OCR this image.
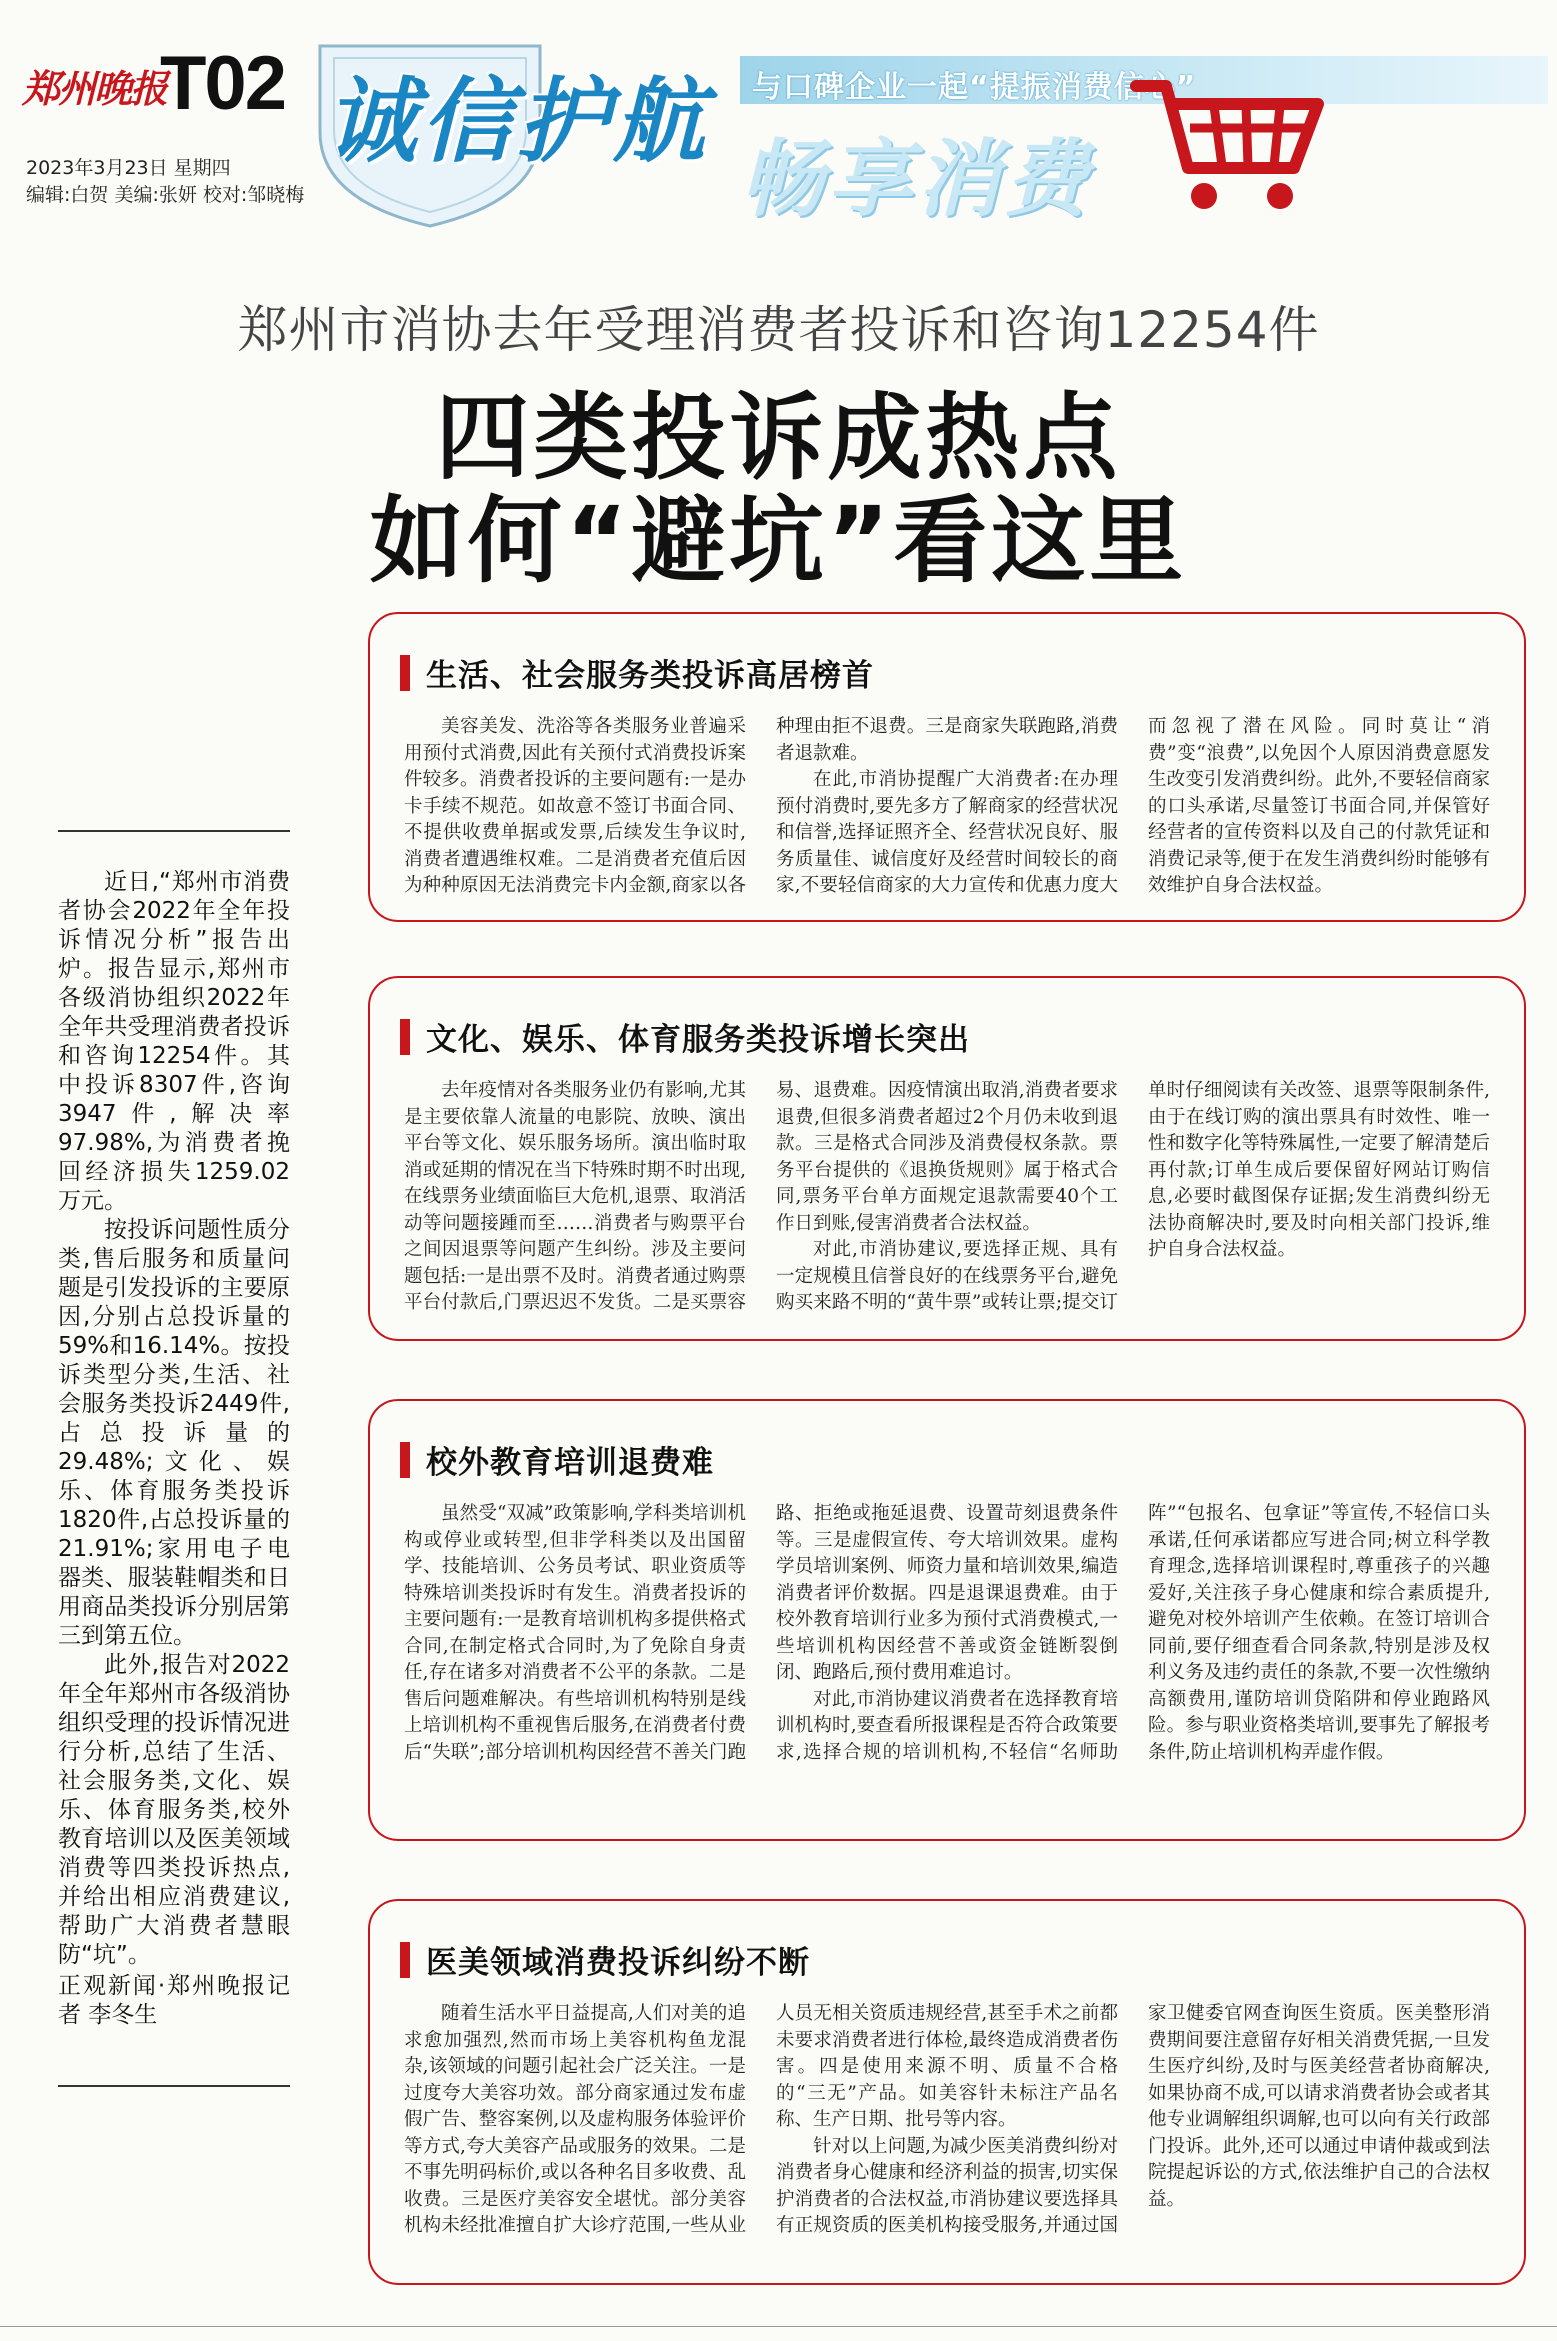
郑州晚报
T02
2023年3月23日 星期四
编辑:白贺 美编:张妍 校对:邹晓梅
诚信护航 与口碑企业一起“提振消费信心”
畅享消费
郑州市消协去年受理消费者投诉和咨询12254件
四类投诉成热点
如何“避坑”看这里

近日,“郑州市消费者协会2022年全年投诉情况分析”报告出炉。报告显示,郑州市各级消协组织2022年全年共受理消费者投诉和咨询12254件。其中投诉8307件,咨询3947件,解决率97.98%,为消费者挽回经济损失1259.02万元。

按投诉问题性质分类,售后服务和质量问题是引发投诉的主要原因,分别占总投诉量的59%和16.14%。按投诉类型分类,生活、社会服务类投诉2449件,占总投诉量的29.48%;文化、娱乐、体育服务类投诉1820件,占总投诉量的21.91%;家用电子电器类、服装鞋帽类和日用商品类投诉分别居第三到第五位。

此外,报告对2022年全年郑州市各级消协组织受理的投诉情况进行分析,总结了生活、社会服务类,文化、娱乐、体育服务类,校外教育培训以及医美领域消费等四类投诉热点,并给出相应消费建议,帮助广大消费者慧眼防“坑”。

正观新闻·郑州晚报记者 李冬生

生活、社会服务类投诉高居榜首

美容美发、洗浴等各类服务业普遍采用预付式消费,因此有关预付式消费投诉案件较多。消费者投诉的主要问题有:一是办卡手续不规范。如故意不签订书面合同、不提供收费单据或发票,后续发生争议时,消费者遭遇维权难。二是消费者充值后因为种种原因无法消费完卡内金额,商家以各种理由拒不退费。三是商家失联跑路,消费者退款难。

在此,市消协提醒广大消费者:在办理预付消费时,要先多方了解商家的经营状况和信誉,选择证照齐全、经营状况良好、服务质量佳、诚信度好及经营时间较长的商家,不要轻信商家的大力宣传和优惠力度大而忽视了潜在风险。同时莫让“消费”变“浪费”,以免因个人原因消费意愿发生改变引发消费纠纷。此外,不要轻信商家的口头承诺,尽量签订书面合同,并保管好经营者的宣传资料以及自己的付款凭证和消费记录等,便于在发生消费纠纷时能够有效维护自身合法权益。

文化、娱乐、体育服务类投诉增长突出

去年疫情对各类服务业仍有影响,尤其是主要依靠人流量的电影院、放映、演出平台等文化、娱乐服务场所。演出临时取消或延期的情况在当下特殊时期不时出现,在线票务业绩面临巨大危机,退票、取消活动等问题接踵而至……消费者与购票平台之间因退票等问题产生纠纷。涉及主要问题包括:一是出票不及时。消费者通过购票平台付款后,门票迟迟不发货。二是买票容易、退费难。因疫情演出取消,消费者要求退费,但很多消费者超过2个月仍未收到退款。三是格式合同涉及消费侵权条款。票务平台提供的《退换货规则》属于格式合同,票务平台单方面规定退款需要40个工作日到账,侵害消费者合法权益。

对此,市消协建议,要选择正规、具有一定规模且信誉良好的在线票务平台,避免购买来路不明的“黄牛票”或转让票;提交订单时仔细阅读有关改签、退票等限制条件,由于在线订购的演出票具有时效性、唯一性和数字化等特殊属性,一定要了解清楚后再付款;订单生成后要保留好网站订购信息,必要时截图保存证据;发生消费纠纷无法协商解决时,要及时向相关部门投诉,维护自身合法权益。

校外教育培训退费难

虽然受“双减”政策影响,学科类培训机构或停业或转型,但非学科类以及出国留学、技能培训、公务员考试、职业资质等特殊培训类投诉时有发生。消费者投诉的主要问题有:一是教育培训机构多提供格式合同,在制定格式合同时,为了免除自身责任,存在诸多对消费者不公平的条款。二是售后问题难解决。有些培训机构特别是线上培训机构不重视售后服务,在消费者付费后“失联”;部分培训机构因经营不善关门跑路、拒绝或拖延退费、设置苛刻退费条件等。三是虚假宣传、夸大培训效果。虚构学员培训案例、师资力量和培训效果,编造消费者评价数据。四是退课退费难。由于校外教育培训行业多为预付式消费模式,一些培训机构因经营不善或资金链断裂倒闭、跑路后,预付费用难追讨。

对此,市消协建议消费者在选择教育培训机构时,要查看所报课程是否符合政策要求,选择合规的培训机构,不轻信“名师助阵”“包报名、包拿证”等宣传,不轻信口头承诺,任何承诺都应写进合同;树立科学教育理念,选择培训课程时,尊重孩子的兴趣爱好,关注孩子身心健康和综合素质提升,避免对校外培训产生依赖。在签订培训合同前,要仔细查看合同条款,特别是涉及权利义务及违约责任的条款,不要一次性缴纳高额费用,谨防培训贷陷阱和停业跑路风险。参与职业资格类培训,要事先了解报考条件,防止培训机构弄虚作假。

医美领域消费投诉纠纷不断

随着生活水平日益提高,人们对美的追求愈加强烈,然而市场上美容机构鱼龙混杂,该领域的问题引起社会广泛关注。一是过度夸大美容功效。部分商家通过发布虚假广告、整容案例,以及虚构服务体验评价等方式,夸大美容产品或服务的效果。二是不事先明码标价,或以各种名目多收费、乱收费。三是医疗美容安全堪忧。部分美容机构未经批准擅自扩大诊疗范围,一些从业人员无相关资质违规经营,甚至手术之前都未要求消费者进行体检,最终造成消费者伤害。四是使用来源不明、质量不合格的“三无”产品。如美容针未标注产品名称、生产日期、批号等内容。

针对以上问题,为减少医美消费纠纷对消费者身心健康和经济利益的损害,切实保护消费者的合法权益,市消协建议要选择具有正规资质的医美机构接受服务,并通过国家卫健委官网查询医生资质。医美整形消费期间要注意留存好相关消费凭据,一旦发生医疗纠纷,及时与医美经营者协商解决,如果协商不成,可以请求消费者协会或者其他专业调解组织调解,也可以向有关行政部门投诉。此外,还可以通过申请仲裁或到法院提起诉讼的方式,依法维护自己的合法权益。
